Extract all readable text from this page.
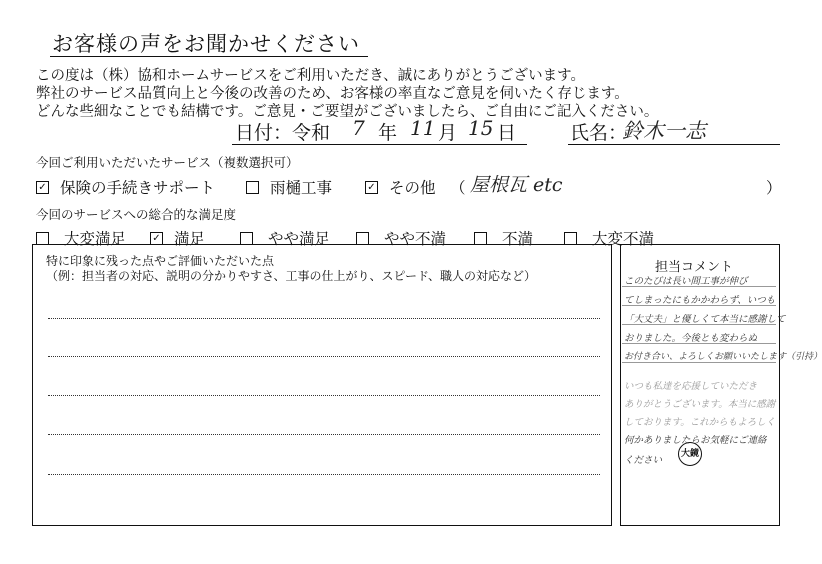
お客様の声をお聞かせください
この度は（株）協和ホームサービスをご利用いただき、誠にありがとうございます。
弊社のサービス品質向上と今後の改善のため、お客様の率直なご意見を伺いたく存じます。
どんな些細なことでも結構です。ご意見・ご要望がございましたら、ご自由にご記入ください。
日付：令和 7 年 11 月 15 日	氏名：
鈴木一志
今回ご利用いただいたサービス（複数選択可）
✓ 保険の手続きサポート	雨樋工事	✓ その他 （ 屋根瓦 etc	）
今回のサービスへの総合的な満足度
大変満足	✓ 満足	やや満足	やや不満	不満	大変不満
特に印象に残った点やご評価いただいた点
（例：担当者の対応、説明の分かりやすさ、工事の仕上がり、スピード、職人の対応など）
担当コメント
このたびは長い間工事が伸び
てしまったにもかかわらず、いつも
「大丈夫」と優しくて本当に感謝して
おりました。今後とも変わらぬ
お付き合い、よろしくお願いいたします（引持）
いつも私達を応援していただき
ありがとうございます。本当に感謝
しております。これからもよろしく
何かありましたらお気軽にご連絡
ください
大鏡
